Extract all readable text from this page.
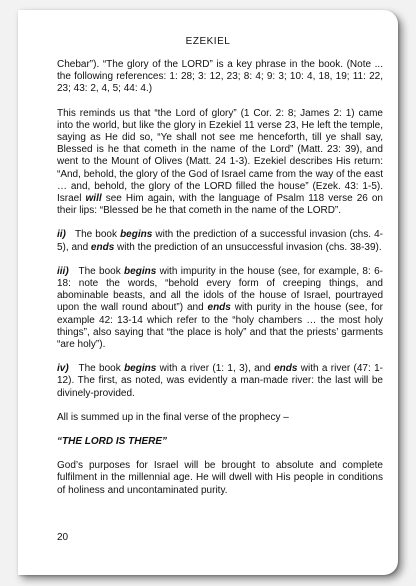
EZEKIEL

Chebar”). “The glory of the LORD” is a key phrase in the book. (Note ... the following references: 1: 28; 3: 12, 23; 8: 4; 9: 3; 10: 4, 18, 19; 11: 22, 23; 43: 2, 4, 5; 44: 4.)

This reminds us that “the Lord of glory” (1 Cor. 2: 8; James 2: 1) came into the world, but like the glory in Ezekiel 11 verse 23, He left the temple, saying as He did so, “Ye shall not see me henceforth, till ye shall say, Blessed is he that cometh in the name of the Lord” (Matt. 23: 39), and went to the Mount of Olives (Matt. 24 1-3). Ezekiel describes His return: “And, behold, the glory of the God of Israel came from the way of the east … and, behold, the glory of the LORD filled the house” (Ezek. 43: 1-5). Israel will see Him again, with the language of Psalm 118 verse 26 on their lips: “Blessed be he that cometh in the name of the LORD”.

ii)   The book begins with the prediction of a successful invasion (chs. 4-5), and ends with the prediction of an unsuccessful invasion (chs. 38-39).

iii)   The book begins with impurity in the house (see, for example, 8: 6-18: note the words, “behold every form of creeping things, and abominable beasts, and all the idols of the house of Israel, pourtrayed upon the wall round about”) and ends with purity in the house (see, for example 42: 13-14 which refer to the “holy chambers … the most holy things”, also saying that “the place is holy” and that the priests’ garments “are holy”).

iv)   The book begins with a river (1: 1, 3), and ends with a river (47: 1-12). The first, as noted, was evidently a man-made river: the last will be divinely-provided.

All is summed up in the final verse of the prophecy –

“THE LORD IS THERE”

God’s purposes for Israel will be brought to absolute and complete fulfilment in the millennial age. He will dwell with His people in conditions of holiness and uncontaminated purity.

20
